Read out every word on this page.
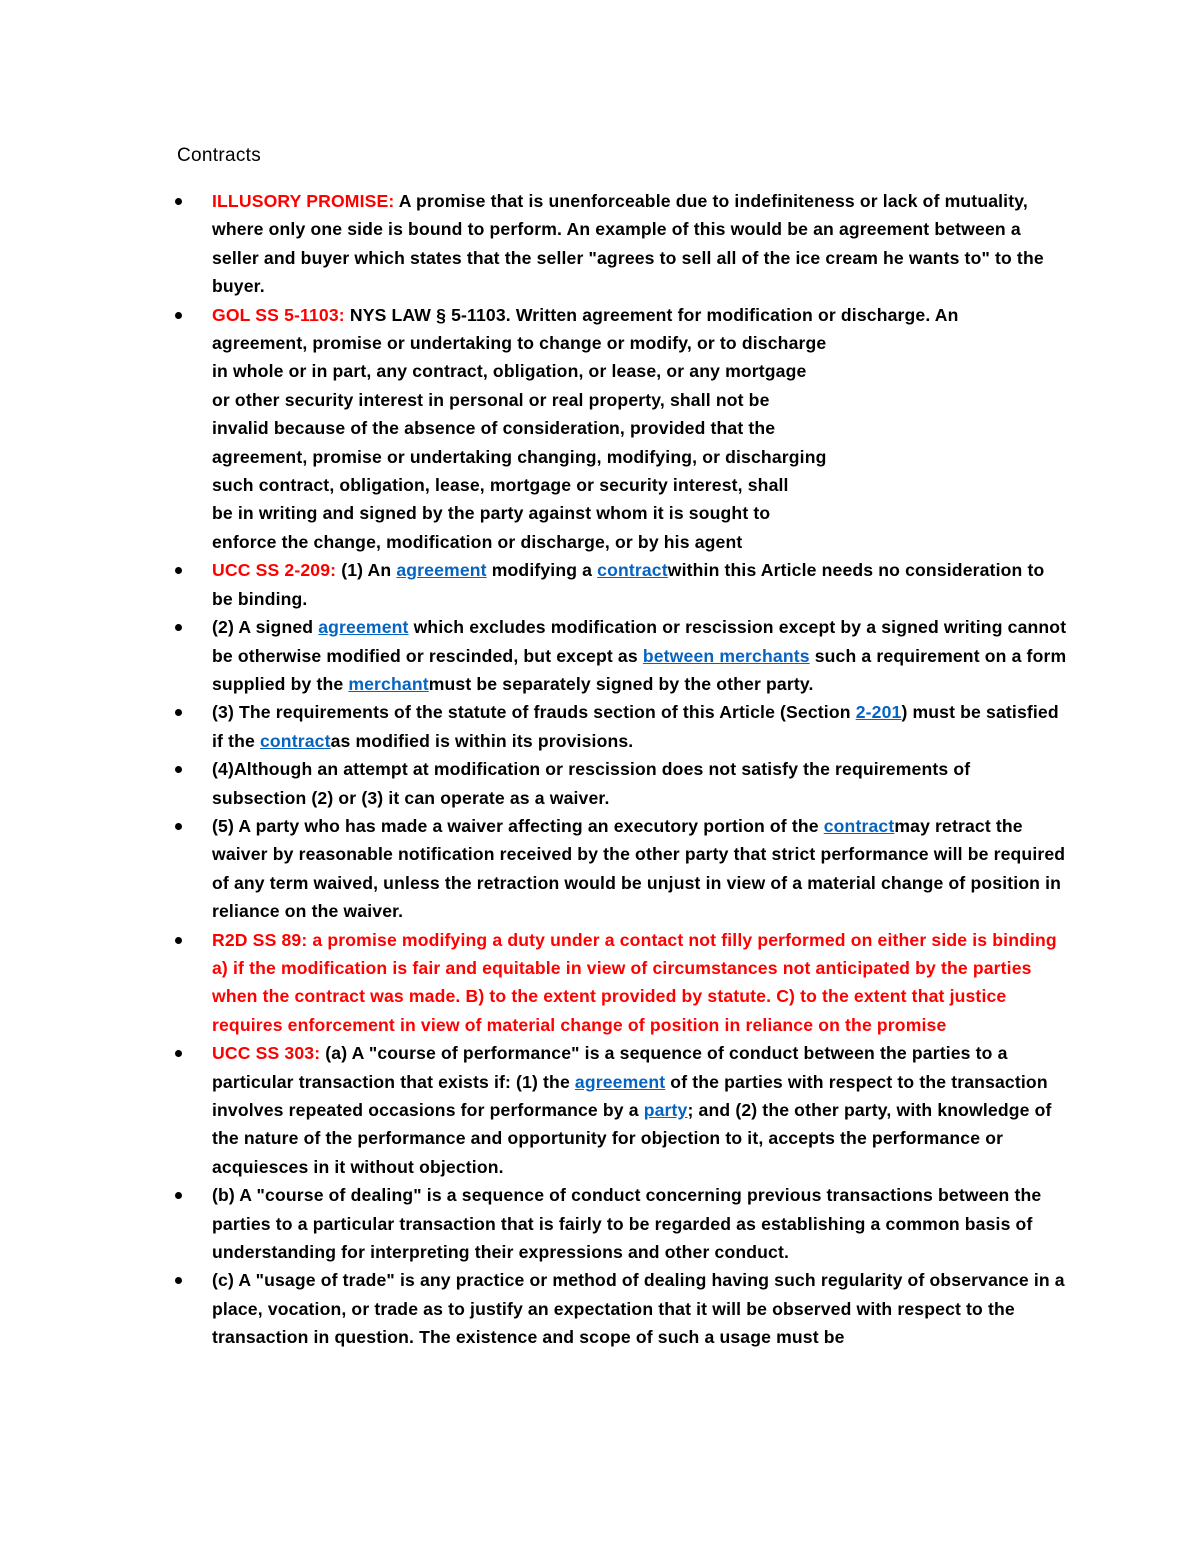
Contracts
ILLUSORY PROMISE: A promise that is unenforceable due to indefiniteness or lack of mutuality, where only one side is bound to perform. An example of this would be an agreement between a seller and buyer which states that the seller "agrees to sell all of the ice cream he wants to" to the buyer.
GOL SS 5-1103: NYS LAW § 5-1103. Written agreement for modification or discharge. An
agreement, promise or undertaking to change or modify, or to discharge
in whole or in part, any contract, obligation, or lease, or any mortgage
or other security interest in personal or real property, shall not be
invalid because of the absence of consideration, provided that the
agreement, promise or undertaking changing, modifying, or discharging
such contract, obligation, lease, mortgage or security interest, shall
be in writing and signed by the party against whom it is sought to
enforce the change, modification or discharge, or by his agent
UCC SS 2-209: (1) An agreement modifying a contractwithin this Article needs no consideration to be binding.
(2) A signed agreement which excludes modification or rescission except by a signed writing cannot be otherwise modified or rescinded, but except as between merchants such a requirement on a form supplied by the merchantmust be separately signed by the other party.
(3) The requirements of the statute of frauds section of this Article (Section 2-201) must be satisfied if the contractas modified is within its provisions.
(4)Although an attempt at modification or rescission does not satisfy the requirements of subsection (2) or (3) it can operate as a waiver.
(5) A party who has made a waiver affecting an executory portion of the contractmay retract the waiver by reasonable notification received by the other party that strict performance will be required of any term waived, unless the retraction would be unjust in view of a material change of position in reliance on the waiver.
R2D SS 89: a promise modifying a duty under a contact not filly performed on either side is binding a) if the modification is fair and equitable in view of circumstances not anticipated by the parties when the contract was made. B) to the extent provided by statute. C) to the extent that justice requires enforcement in view of material change of position in reliance on the promise
UCC SS 303: (a) A "course of performance" is a sequence of conduct between the parties to a particular transaction that exists if: (1) the agreement of the parties with respect to the transaction involves repeated occasions for performance by a party; and (2) the other party, with knowledge of the nature of the performance and opportunity for objection to it, accepts the performance or acquiesces in it without objection.
(b) A "course of dealing" is a sequence of conduct concerning previous transactions between the parties to a particular transaction that is fairly to be regarded as establishing a common basis of understanding for interpreting their expressions and other conduct.
(c) A "usage of trade" is any practice or method of dealing having such regularity of observance in a place, vocation, or trade as to justify an expectation that it will be observed with respect to the transaction in question. The existence and scope of such a usage must be
